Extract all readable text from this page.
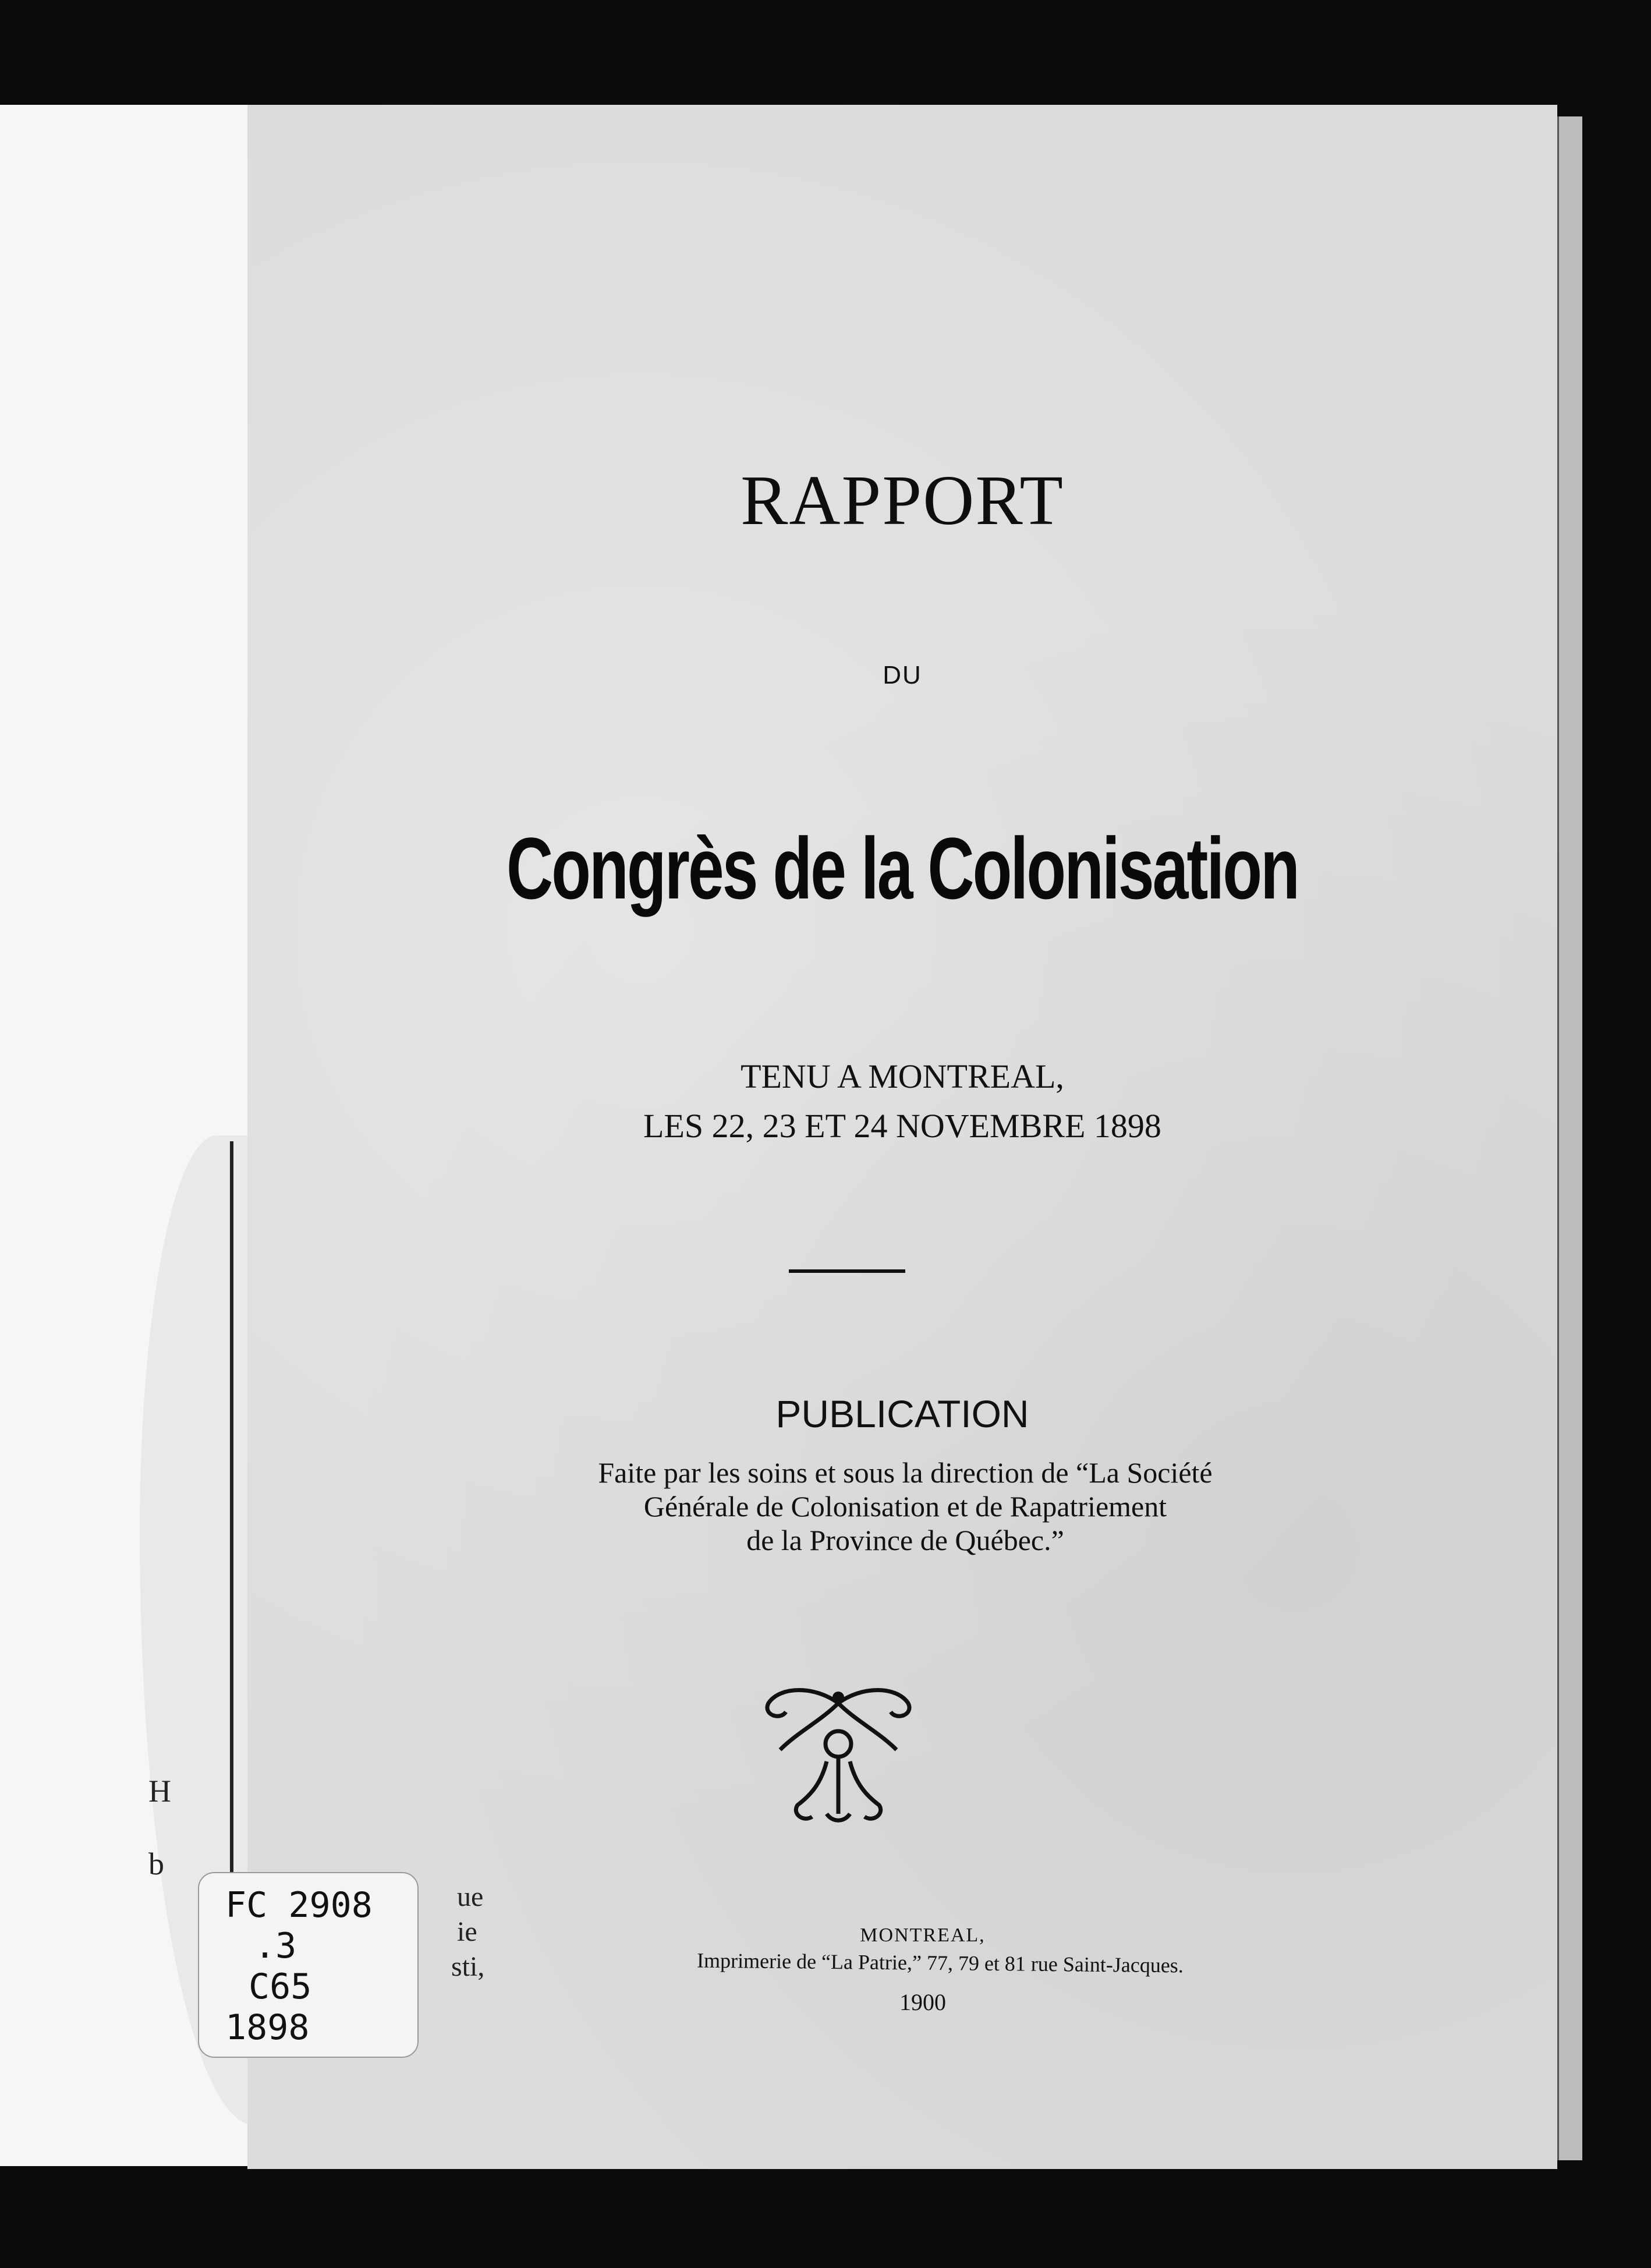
RAPPORT
DU
Congrès de la Colonisation
TENU A MONTREAL,
LES 22, 23 ET 24 NOVEMBRE 1898
PUBLICATION
Faite par les soins et sous la direction de “La Société
Générale de Colonisation et de Rapatriement
de la Province de Québec.”
MONTREAL,
Imprimerie de “La Patrie,” 77, 79 et 81 rue Saint-Jacques.
1900
ue
ie
sti,
FC 2908
.3
C65
1898
H
b
